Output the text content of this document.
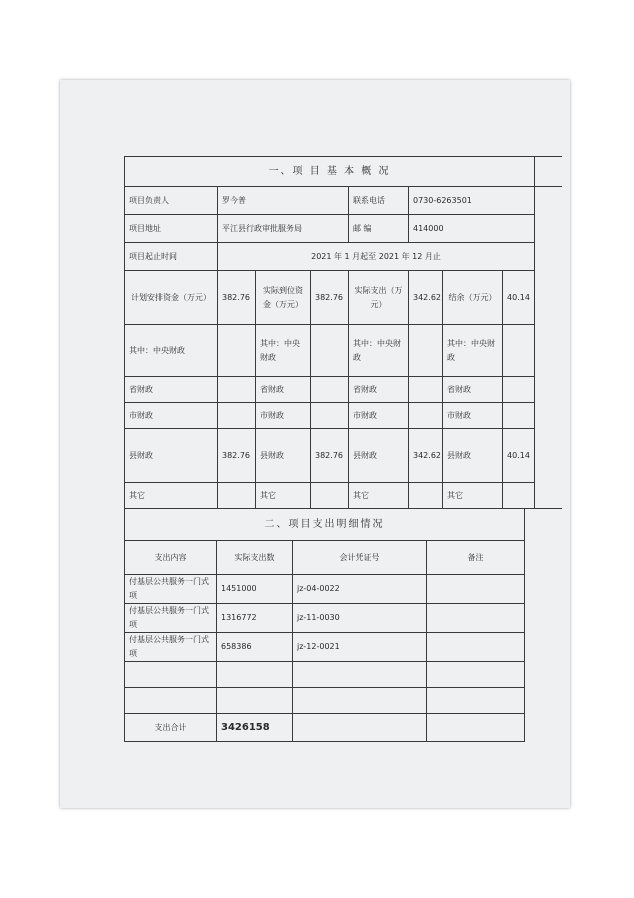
一、项 目 基 本 概 况							
项目负责人	罗今普			联系电话	0730-6263501		
项目地址	平江县行政审批服务局			邮 编	414000		
项目起止时间	2021 年 1 月起至 2021 年 12 月止						
计划安排资金（万元）	382.76	实际到位资金（万元）	382.76	实际支出（万元）	342.62	结余（万元）	40.14
其中：中央财政		其中：中央财政		其中：中央财政		其中：中央财政	
省财政		省财政		省财政		省财政	
市财政		市财政		市财政		市财政	
县财政	382.76	县财政	382.76	县财政	342.62	县财政	40.14
其它		其它		其它		其它	
二、项目支出明细情况			
支出内容	实际支出数	会计凭证号	备注
付基层公共服务一门式项	1451000	jz-04-0022	
付基层公共服务一门式项	1316772	jz-11-0030	
付基层公共服务一门式项	658386	jz-12-0021	

支出合计	3426158		
